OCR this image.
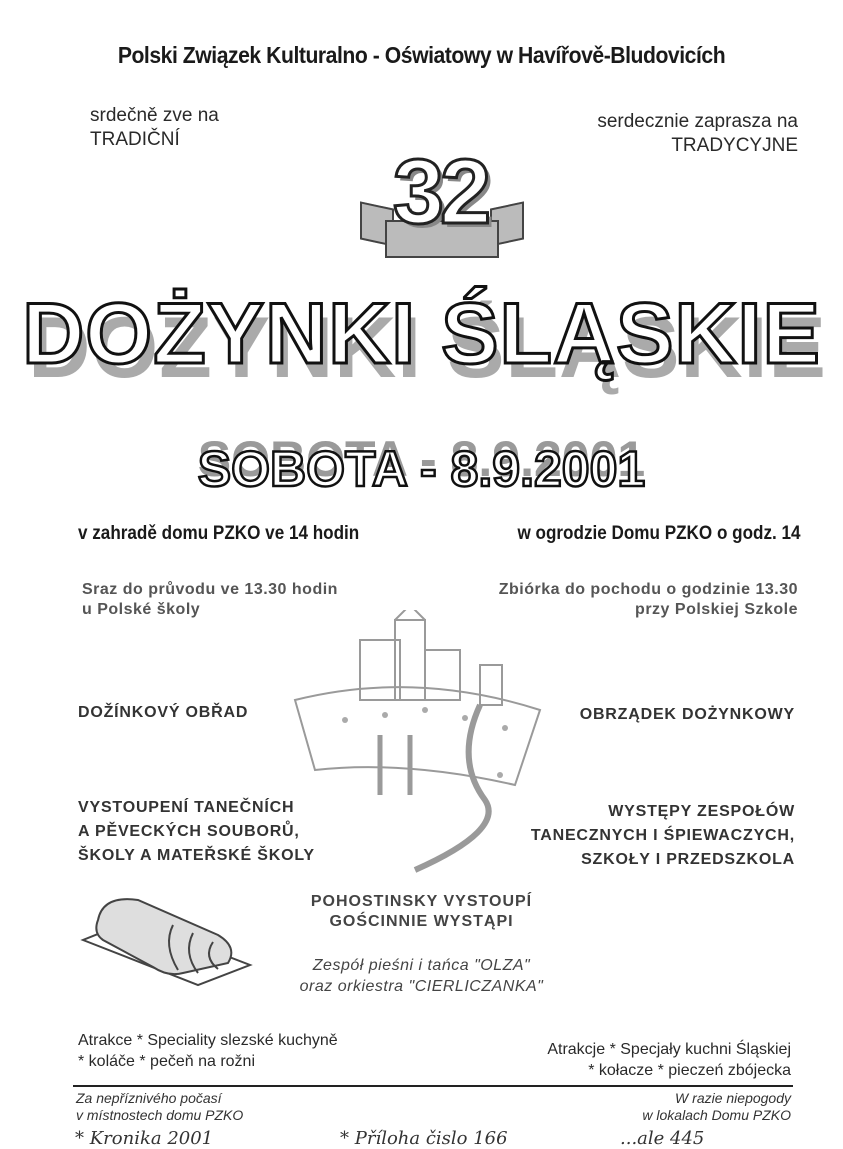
Polski Związek Kulturalno - Oświatowy w Havířově-Bludovicích
srdečně zve na
TRADIČNÍ
serdecznie zaprasza na
TRADYCYJNE
32
DOŻYNKI ŚLĄSKIE
SOBOTA - 8.9.2001
v zahradě domu PZKO ve 14 hodin	w ogrodzie Domu PZKO o godz. 14
Sraz do průvodu ve 13.30 hodin
u Polské školy
Zbiórka do pochodu o godzinie 13.30
przy Polskiej Szkole
DOŽÍNKOVÝ OBŘAD	OBRZĄDEK DOŻYNKOWY
VYSTOUPENÍ TANEČNÍCH
A PĚVECKÝCH SOUBORŮ,
ŠKOLY A MATEŘSKÉ ŠKOLY
WYSTĘPY ZESPOŁÓW
TANECZNYCH I ŚPIEWACZYCH,
SZKOŁY I PRZEDSZKOLA
POHOSTINSKY VYSTOUPÍ
GOŚCINNIE WYSTĄPI
Zespół pieśni i tańca "OLZA"
oraz orkiestra "CIERLICZANKA"
Atrakce * Speciality slezské kuchyně
* koláče * pečeň na rožni
Atrakcje * Specjały kuchni Śląskiej
* kołacze * pieczeń zbójecka
Za nepříznivého počasí
v místnostech domu PZKO
W razie niepogody
w lokalach Domu PZKO
* Kronika 2001	* Příloha čislo 166	...ale 445
